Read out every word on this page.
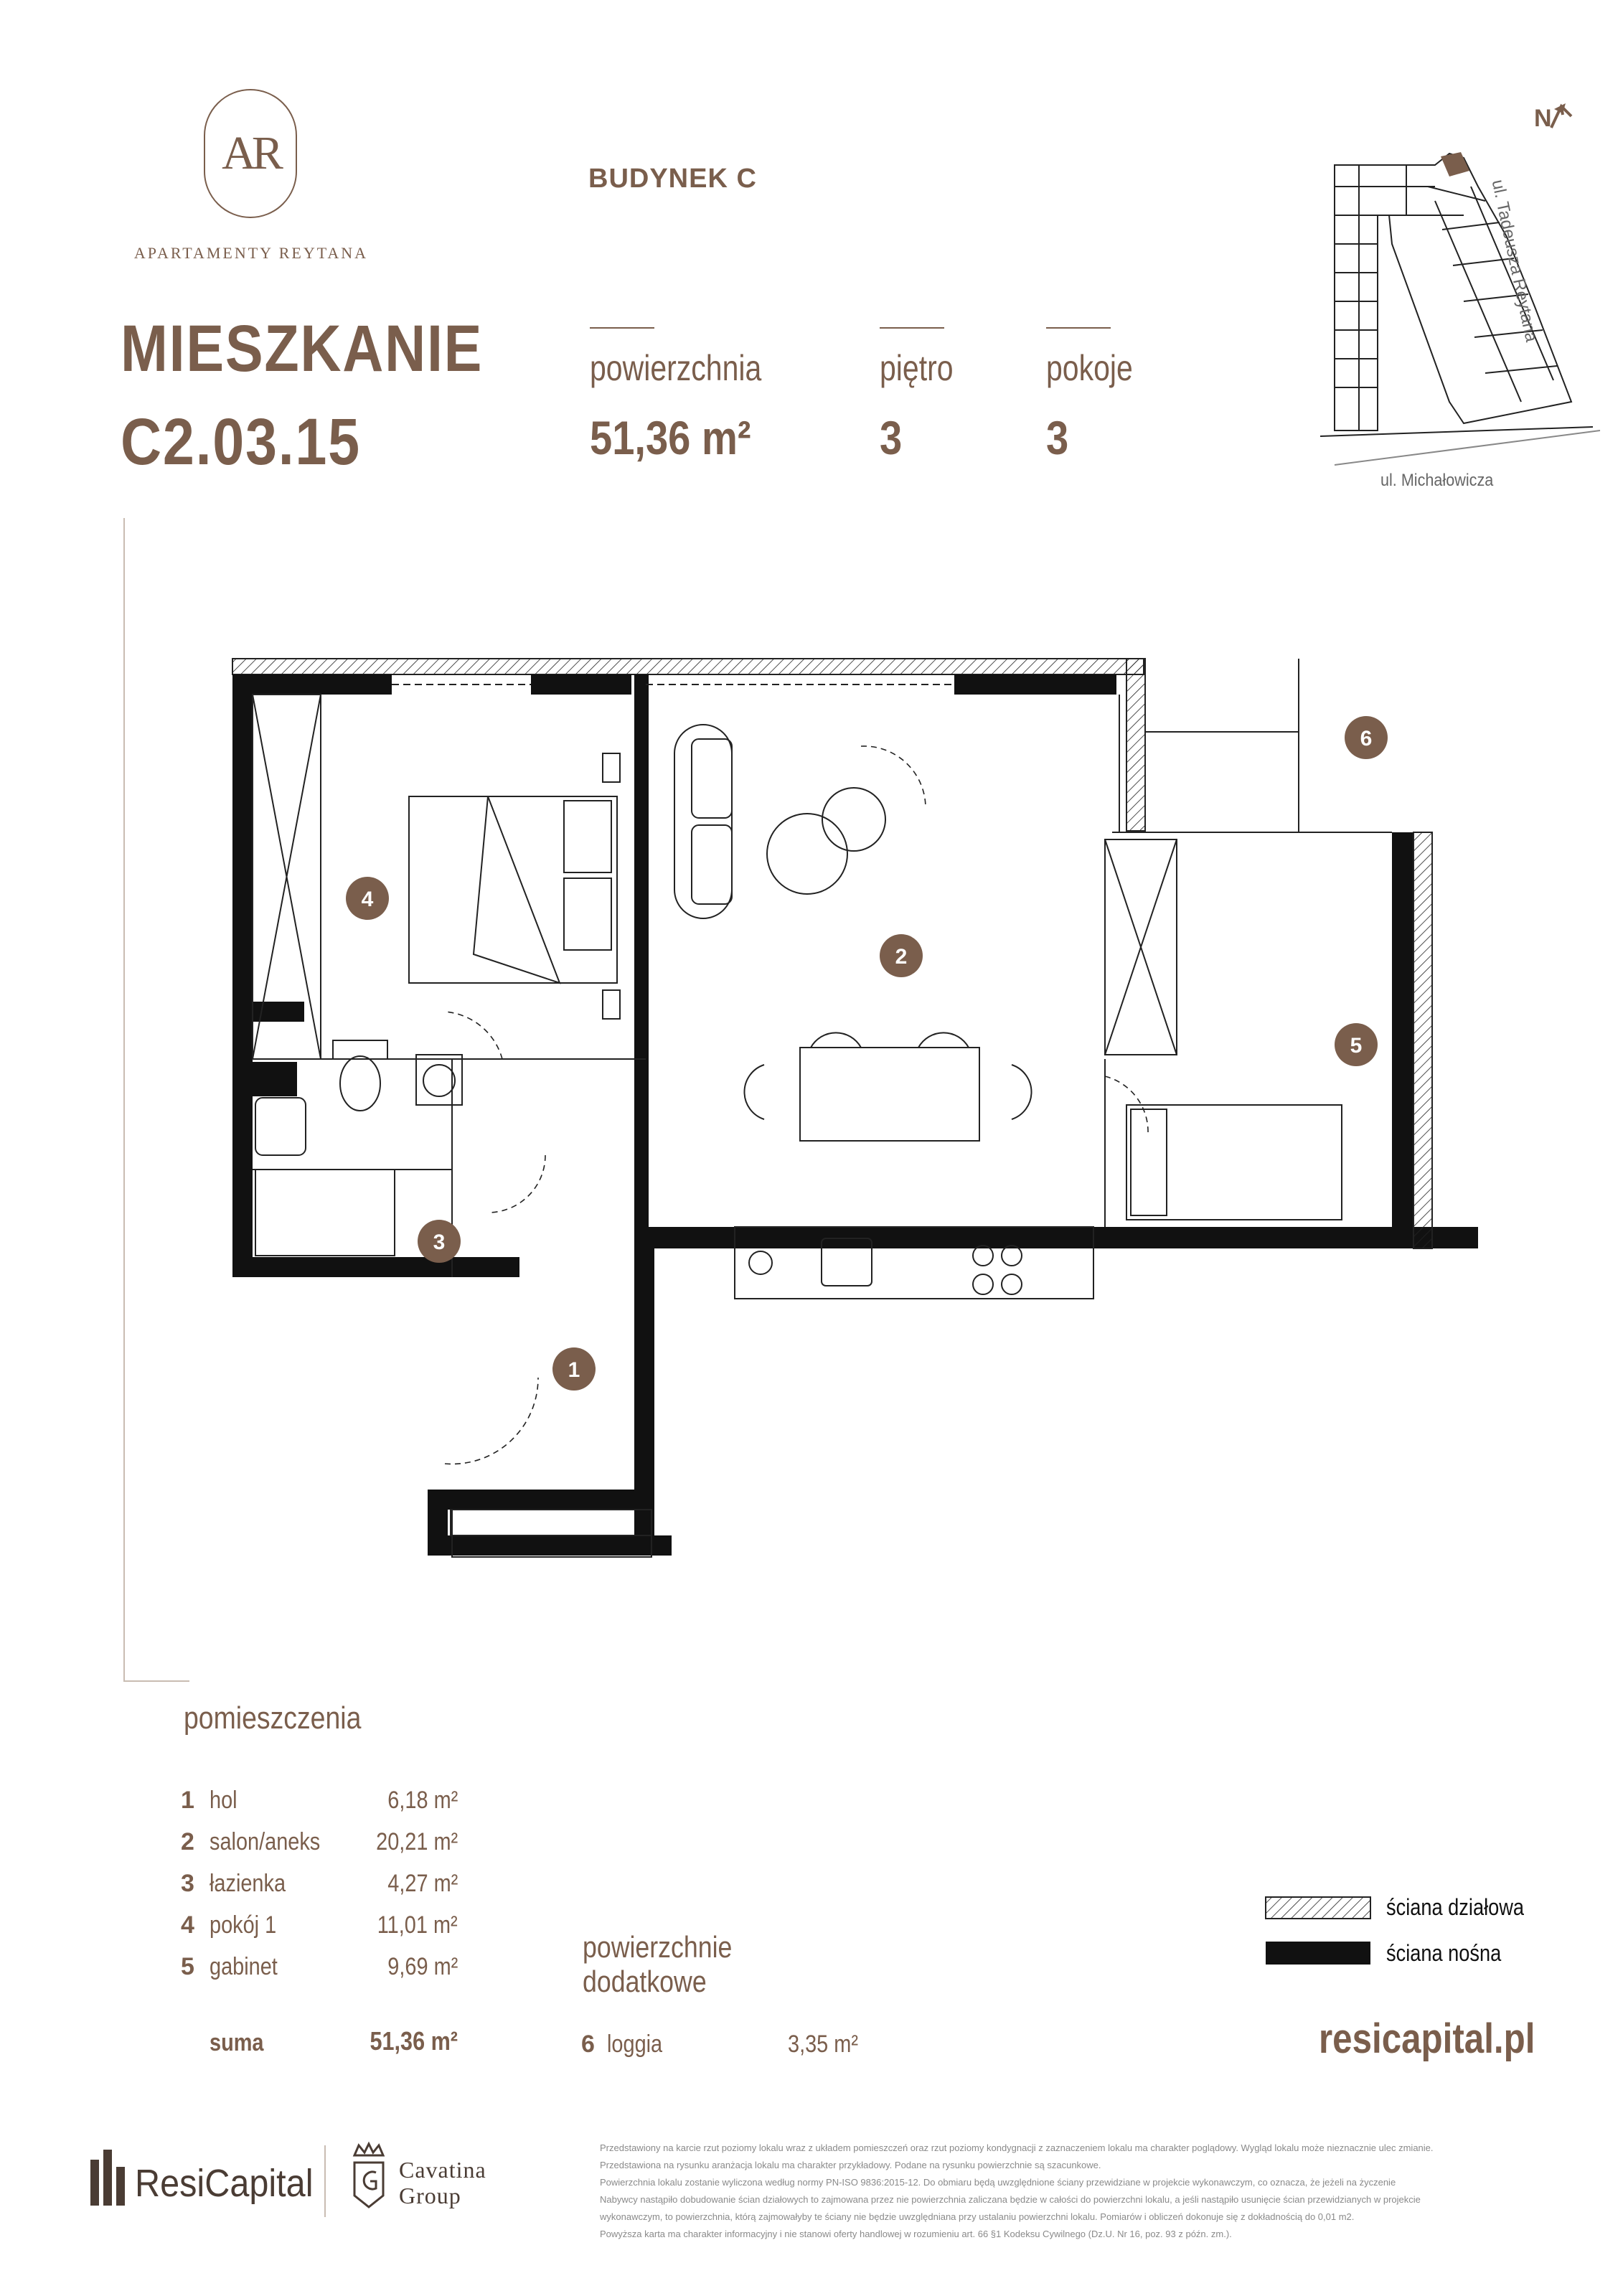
AR
APARTAMENTY REYTANA
BUDYNEK C
MIESZKANIE
C2.03.15
powierzchnia
51,36 m²
piętro
3
pokoje
3
N
ul. Tadeusza Reytana
ul. Michałowicza
1
2
3
4
5
6
pomieszczenia
1 hol	6,18 m²
2 salon/aneks 20,21 m²
3 łazienka	4,27 m²
4 pokój 1	11,01 m²
5 gabinet	9,69 m²
suma	51,36 m²
powierzchnie
dodatkowe
6 loggia	3,35 m²
ściana działowa
ściana nośna
resicapital.pl
ResiCapital	Cavatina
Group
Przedstawiony na karcie rzut poziomy lokalu wraz z układem pomieszczeń oraz rzut poziomy kondygnacji z zaznaczeniem lokalu ma charakter poglądowy. Wygląd lokalu może nieznacznie ulec zmianie.
Przedstawiona na rysunku aranżacja lokalu ma charakter przykładowy. Podane na rysunku powierzchnie są szacunkowe.
Powierzchnia lokalu zostanie wyliczona według normy PN-ISO 9836:2015-12. Do obmiaru będą uwzględnione ściany przewidziane w projekcie wykonawczym, co oznacza, że jeżeli na życzenie
Nabywcy nastąpiło dobudowanie ścian działowych to zajmowana przez nie powierzchnia zaliczana będzie w całości do powierzchni lokalu, a jeśli nastąpiło usunięcie ścian przewidzianych w projekcie
wykonawczym, to powierzchnia, którą zajmowałyby te ściany nie będzie uwzględniana przy ustalaniu powierzchni lokalu. Pomiarów i obliczeń dokonuje się z dokładnością do 0,01 m2.
Powyższa karta ma charakter informacyjny i nie stanowi oferty handlowej w rozumieniu art. 66 §1 Kodeksu Cywilnego (Dz.U. Nr 16, poz. 93 z późn. zm.).
